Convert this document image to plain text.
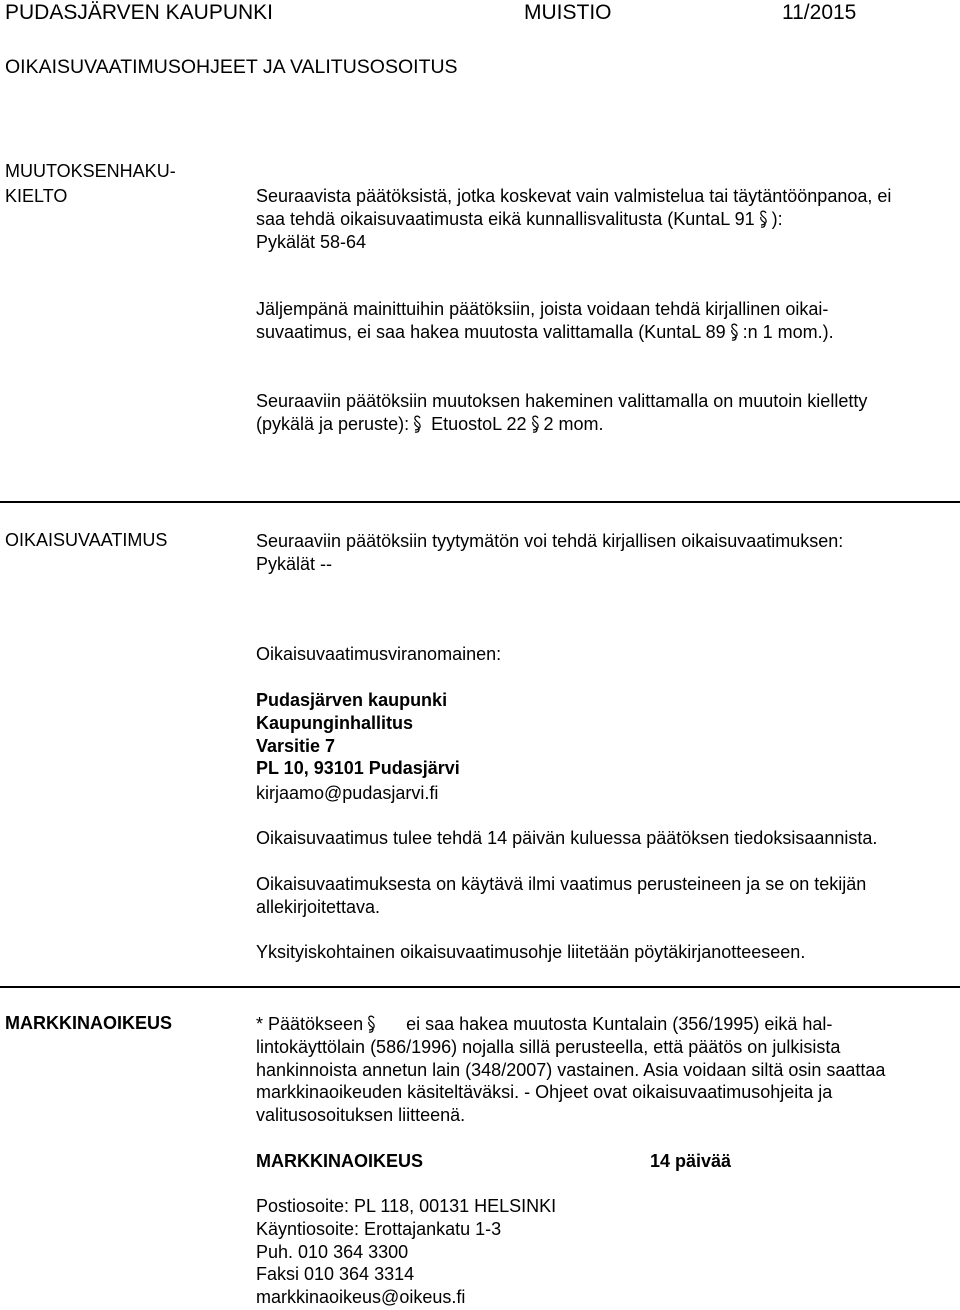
PUDASJÄRVEN KAUPUNKI	MUISTIO	11/2015
OIKAISUVAATIMUSOHJEET JA VALITUSOSOITUS
MUUTOKSENHAKU-
KIELTO	Seuraavista päätöksistä, jotka koskevat vain valmistelua tai täytäntöönpanoa, ei

saa tehdä oikaisuvaatimusta eikä kunnallisvalitusta (KuntaL 91 ):

Pykälät 58-64

Jäljempänä mainittuihin päätöksiin, joista voidaan tehdä kirjallinen oikai-

suvaatimus, ei saa hakea muutosta valittamalla (KuntaL 89 :n 1 mom.).

Seuraaviin päätöksiin muutoksen hakeminen valittamalla on muutoin kielletty

(pykälä ja peruste): EtuostoL 22 2 mom.

OIKAISUVAATIMUS	Seuraaviin päätöksiin tyytymätön voi tehdä kirjallisen oikaisuvaatimuksen:

Pykälät --

Oikaisuvaatimusviranomainen:

Pudasjärven kaupunki

Kaupunginhallitus

Varsitie 7

PL 10, 93101 Pudasjärvi

kirjaamo@pudasjarvi.fi
Oikaisuvaatimus tulee tehdä 14 päivän kuluessa päätöksen tiedoksisaannista.

Oikaisuvaatimuksesta on käytävä ilmi vaatimus perusteineen ja se on tekijän

allekirjoitettava.

Yksityiskohtainen oikaisuvaatimusohje liitetään pöytäkirjanotteeseen.
MARKKINAOIKEUS	* Päätökseen ei saa hakea muutosta Kuntalain (356/1995) eikä hal-

lintokäyttölain (586/1996) nojalla sillä perusteella, että päätös on julkisista

hankinnoista annetun lain (348/2007) vastainen. Asia voidaan siltä osin saattaa

markkinaoikeuden käsiteltäväksi. - Ohjeet ovat oikaisuvaatimusohjeita ja

valitusosoituksen liitteenä.

MARKKINAOIKEUS	14 päivää

Postiosoite: PL 118, 00131 HELSINKI

Käyntiosoite: Erottajankatu 1-3

Puh. 010 364 3300

Faksi 010 364 3314

markkinaoikeus@oikeus.fi
